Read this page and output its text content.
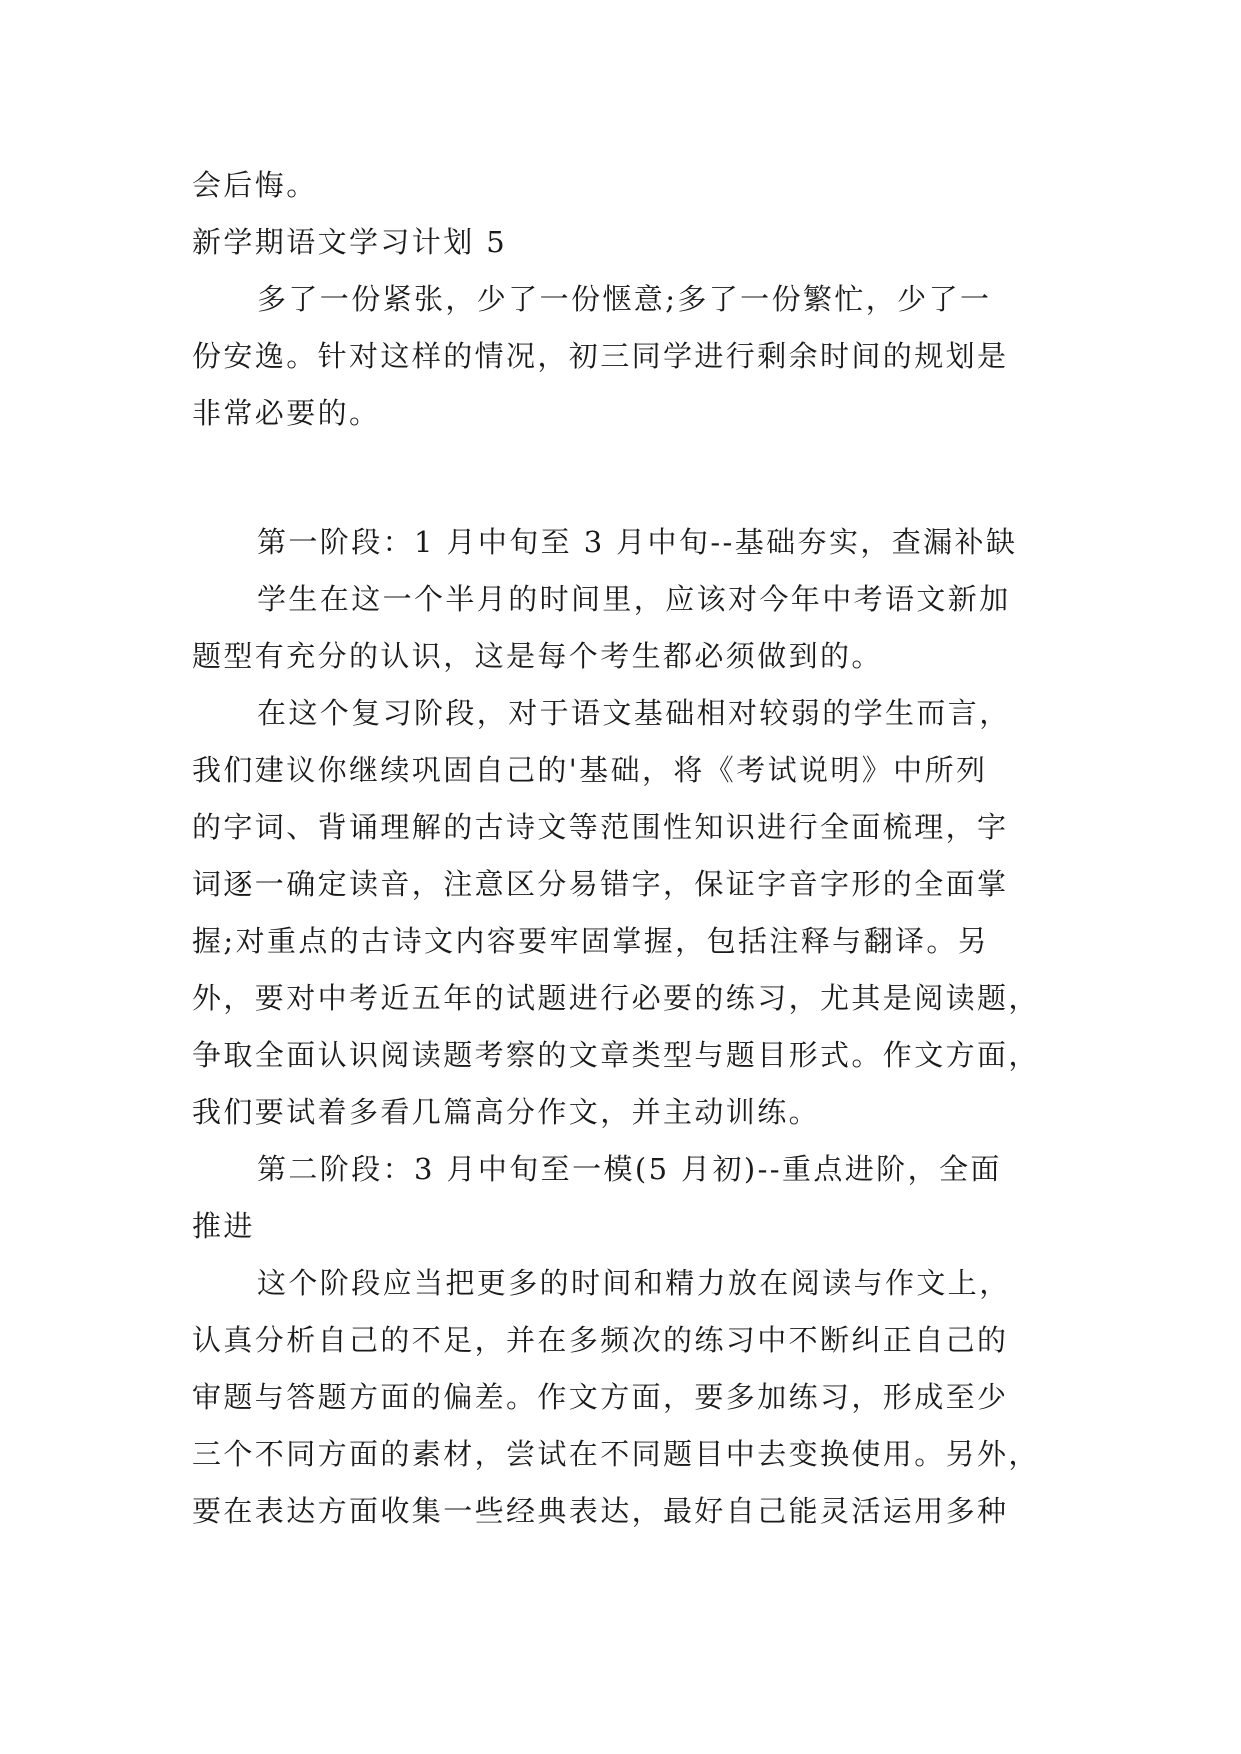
会后悔。
新学期语文学习计划 5
多了一份紧张，少了一份惬意;多了一份繁忙，少了一
份安逸。针对这样的情况，初三同学进行剩余时间的规划是
非常必要的。
第一阶段：1 月中旬至 3 月中旬--基础夯实，查漏补缺
学生在这一个半月的时间里，应该对今年中考语文新加
题型有充分的认识，这是每个考生都必须做到的。
在这个复习阶段，对于语文基础相对较弱的学生而言，
我们建议你继续巩固自己的'基础，将《考试说明》中所列
的字词、背诵理解的古诗文等范围性知识进行全面梳理，字
词逐一确定读音，注意区分易错字，保证字音字形的全面掌
握;对重点的古诗文内容要牢固掌握，包括注释与翻译。另
外，要对中考近五年的试题进行必要的练习，尤其是阅读题，
争取全面认识阅读题考察的文章类型与题目形式。作文方面，
我们要试着多看几篇高分作文，并主动训练。
第二阶段：3 月中旬至一模(5 月初)--重点进阶，全面
推进
这个阶段应当把更多的时间和精力放在阅读与作文上，
认真分析自己的不足，并在多频次的练习中不断纠正自己的
审题与答题方面的偏差。作文方面，要多加练习，形成至少
三个不同方面的素材，尝试在不同题目中去变换使用。另外，
要在表达方面收集一些经典表达，最好自己能灵活运用多种
